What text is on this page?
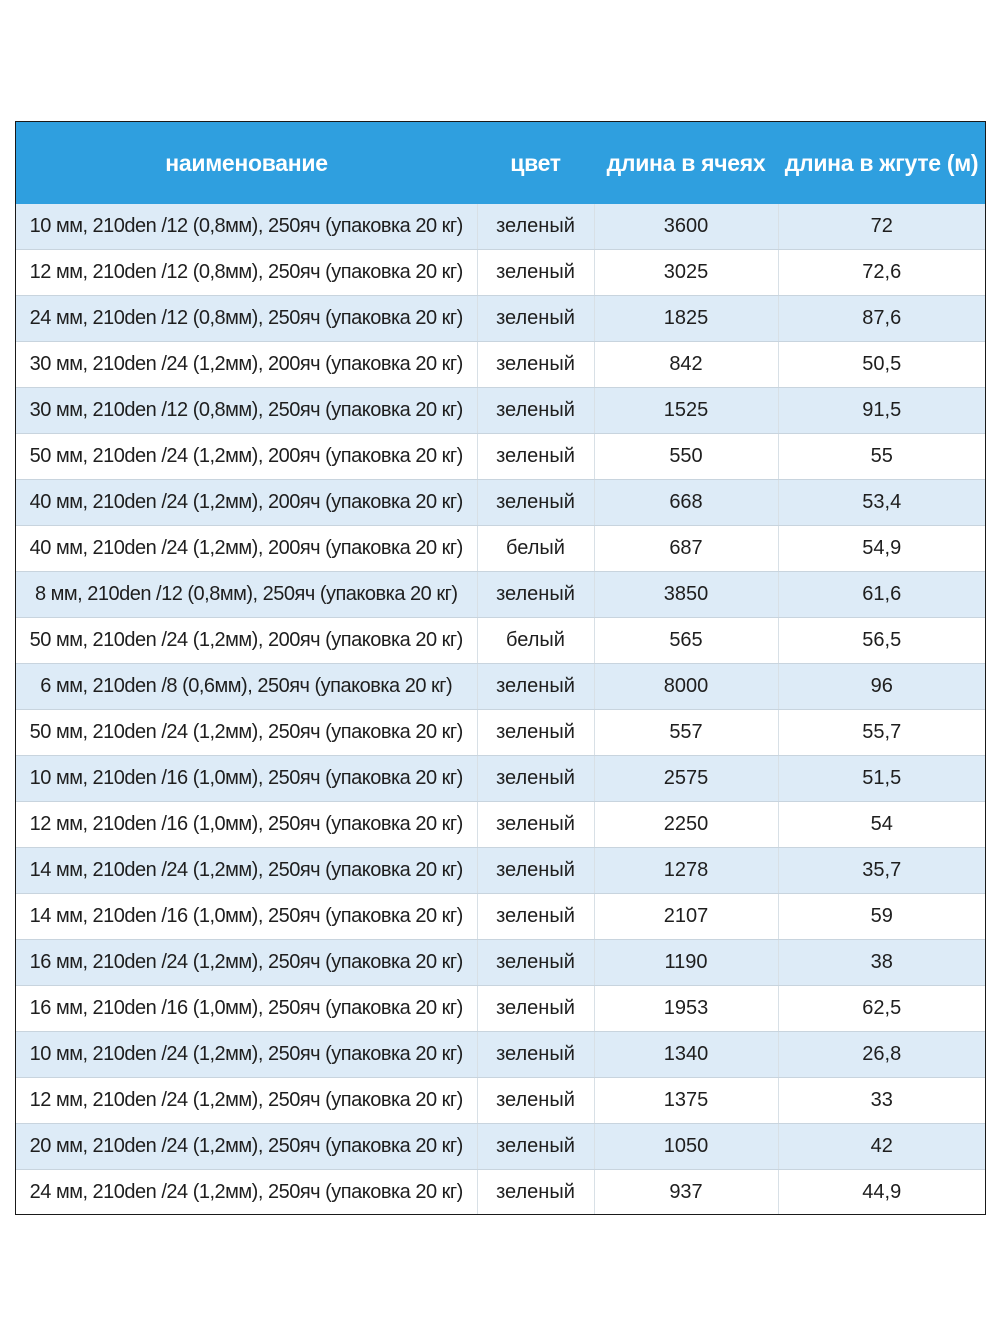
наименование	цвет	длина в ячеях	длина в жгуте (м)
10 мм, 210den /12 (0,8мм), 250яч (упаковка 20 кг)	зеленый	3600	72
12 мм, 210den /12 (0,8мм), 250яч (упаковка 20 кг)	зеленый	3025	72,6
24 мм, 210den /12 (0,8мм), 250яч (упаковка 20 кг)	зеленый	1825	87,6
30 мм, 210den /24 (1,2мм), 200яч (упаковка 20 кг)	зеленый	842	50,5
30 мм, 210den /12 (0,8мм), 250яч (упаковка 20 кг)	зеленый	1525	91,5
50 мм, 210den /24 (1,2мм), 200яч (упаковка 20 кг)	зеленый	550	55
40 мм, 210den /24 (1,2мм), 200яч (упаковка 20 кг)	зеленый	668	53,4
40 мм, 210den /24 (1,2мм), 200яч (упаковка 20 кг)	белый	687	54,9
8 мм, 210den /12 (0,8мм), 250яч (упаковка 20 кг)	зеленый	3850	61,6
50 мм, 210den /24 (1,2мм), 200яч (упаковка 20 кг)	белый	565	56,5
6 мм, 210den /8 (0,6мм), 250яч (упаковка 20 кг)	зеленый	8000	96
50 мм, 210den /24 (1,2мм), 250яч (упаковка 20 кг)	зеленый	557	55,7
10 мм, 210den /16 (1,0мм), 250яч (упаковка 20 кг)	зеленый	2575	51,5
12 мм, 210den /16 (1,0мм), 250яч (упаковка 20 кг)	зеленый	2250	54
14 мм, 210den /24 (1,2мм), 250яч (упаковка 20 кг)	зеленый	1278	35,7
14 мм, 210den /16 (1,0мм), 250яч (упаковка 20 кг)	зеленый	2107	59
16 мм, 210den /24 (1,2мм), 250яч (упаковка 20 кг)	зеленый	1190	38
16 мм, 210den /16 (1,0мм), 250яч (упаковка 20 кг)	зеленый	1953	62,5
10 мм, 210den /24 (1,2мм), 250яч (упаковка 20 кг)	зеленый	1340	26,8
12 мм, 210den /24 (1,2мм), 250яч (упаковка 20 кг)	зеленый	1375	33
20 мм, 210den /24 (1,2мм), 250яч (упаковка 20 кг)	зеленый	1050	42
24 мм, 210den /24 (1,2мм), 250яч (упаковка 20 кг)	зеленый	937	44,9
